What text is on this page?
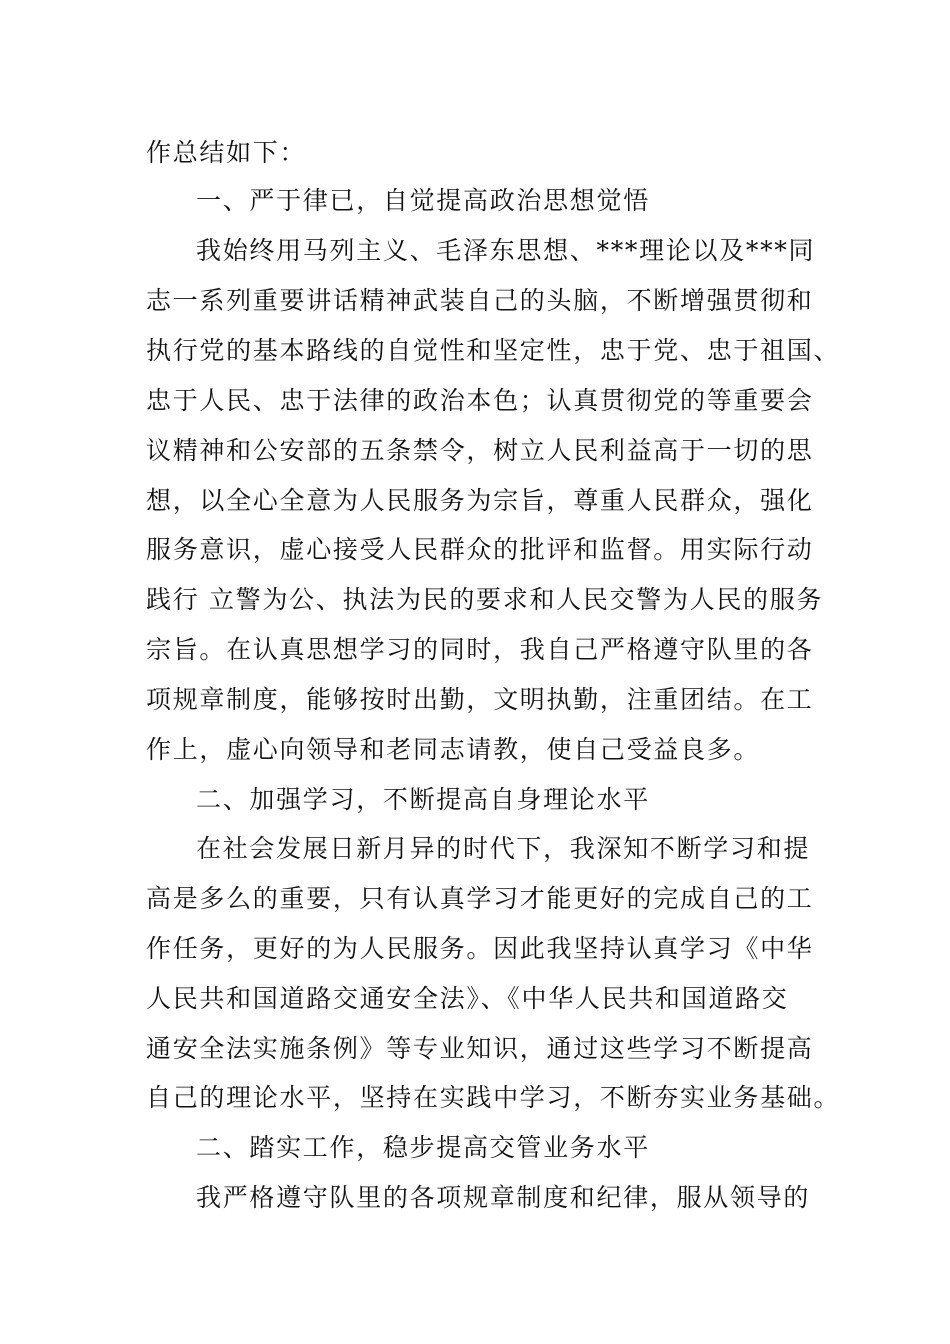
作总结如下：
一、严于律已，自觉提高政治思想觉悟
我始终用马列主义、毛泽东思想、***理论以及***同
志一系列重要讲话精神武装自己的头脑，不断增强贯彻和
执行党的基本路线的自觉性和坚定性，忠于党、忠于祖国、
忠于人民、忠于法律的政治本色；认真贯彻党的等重要会
议精神和公安部的五条禁令，树立人民利益高于一切的思
想，以全心全意为人民服务为宗旨，尊重人民群众，强化
服务意识，虚心接受人民群众的批评和监督。用实际行动
践行 立警为公、执法为民的要求和人民交警为人民的服务
宗旨。在认真思想学习的同时，我自己严格遵守队里的各
项规章制度，能够按时出勤，文明执勤，注重团结。在工
作上，虚心向领导和老同志请教，使自己受益良多。
二、加强学习，不断提高自身理论水平
在社会发展日新月异的时代下，我深知不断学习和提
高是多么的重要，只有认真学习才能更好的完成自己的工
作任务，更好的为人民服务。因此我坚持认真学习《中华
人民共和国道路交通安全法》、《中华人民共和国道路交
通安全法实施条例》等专业知识，通过这些学习不断提高
自己的理论水平，坚持在实践中学习，不断夯实业务基础。
二、踏实工作，稳步提高交管业务水平
我严格遵守队里的各项规章制度和纪律，服从领导的
